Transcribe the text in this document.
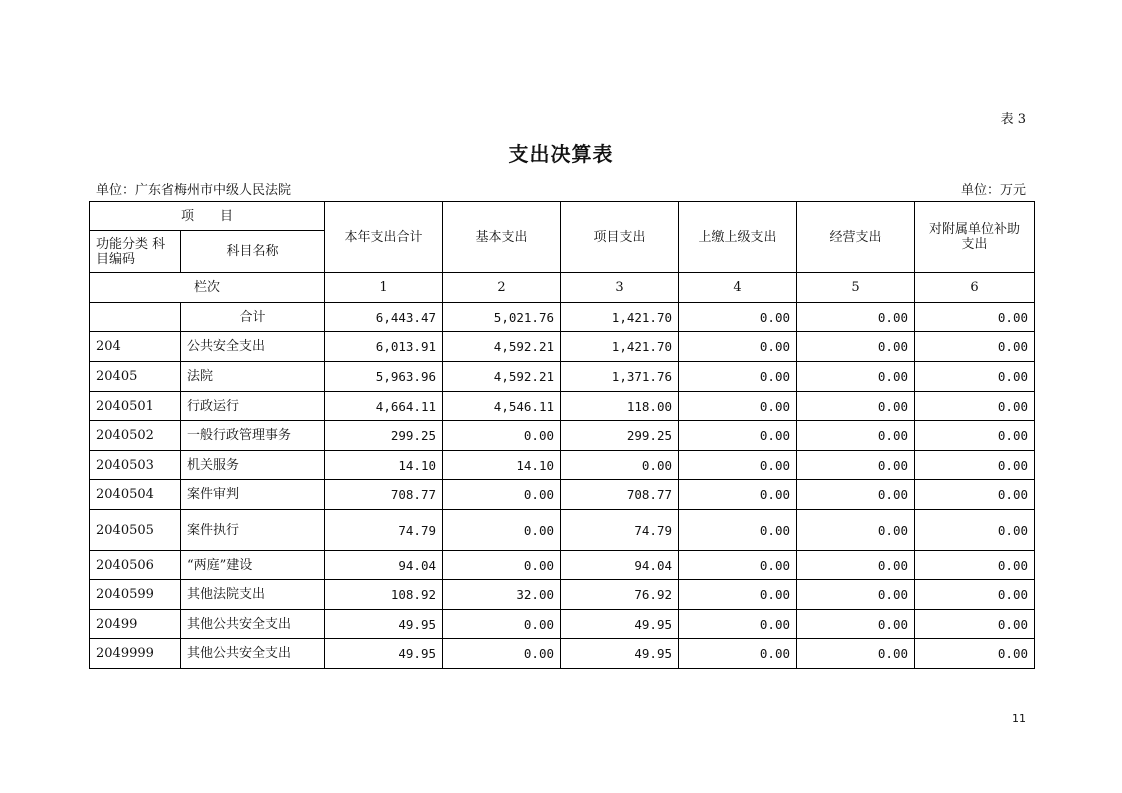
表 3
支出决算表
单位：广东省梅州市中级人民法院	单位：万元
项　　目		本年支出合计	基本支出	项目支出	上缴上级支出	经营支出	对附属单位补助 支出
功能分类 科目编码	科目名称						
栏次		1	2	3	4	5	6
	合计	6,443.47	5,021.76	1,421.70	0.00	0.00	0.00
204	公共安全支出	6,013.91	4,592.21	1,421.70	0.00	0.00	0.00
20405	法院	5,963.96	4,592.21	1,371.76	0.00	0.00	0.00
2040501	行政运行	4,664.11	4,546.11	118.00	0.00	0.00	0.00
2040502	一般行政管理事务	299.25	0.00	299.25	0.00	0.00	0.00
2040503	机关服务	14.10	14.10	0.00	0.00	0.00	0.00
2040504	案件审判	708.77	0.00	708.77	0.00	0.00	0.00
2040505	案件执行	74.79	0.00	74.79	0.00	0.00	0.00
2040506	“两庭”建设	94.04	0.00	94.04	0.00	0.00	0.00
2040599	其他法院支出	108.92	32.00	76.92	0.00	0.00	0.00
20499	其他公共安全支出	49.95	0.00	49.95	0.00	0.00	0.00
2049999	其他公共安全支出	49.95	0.00	49.95	0.00	0.00	0.00
11
